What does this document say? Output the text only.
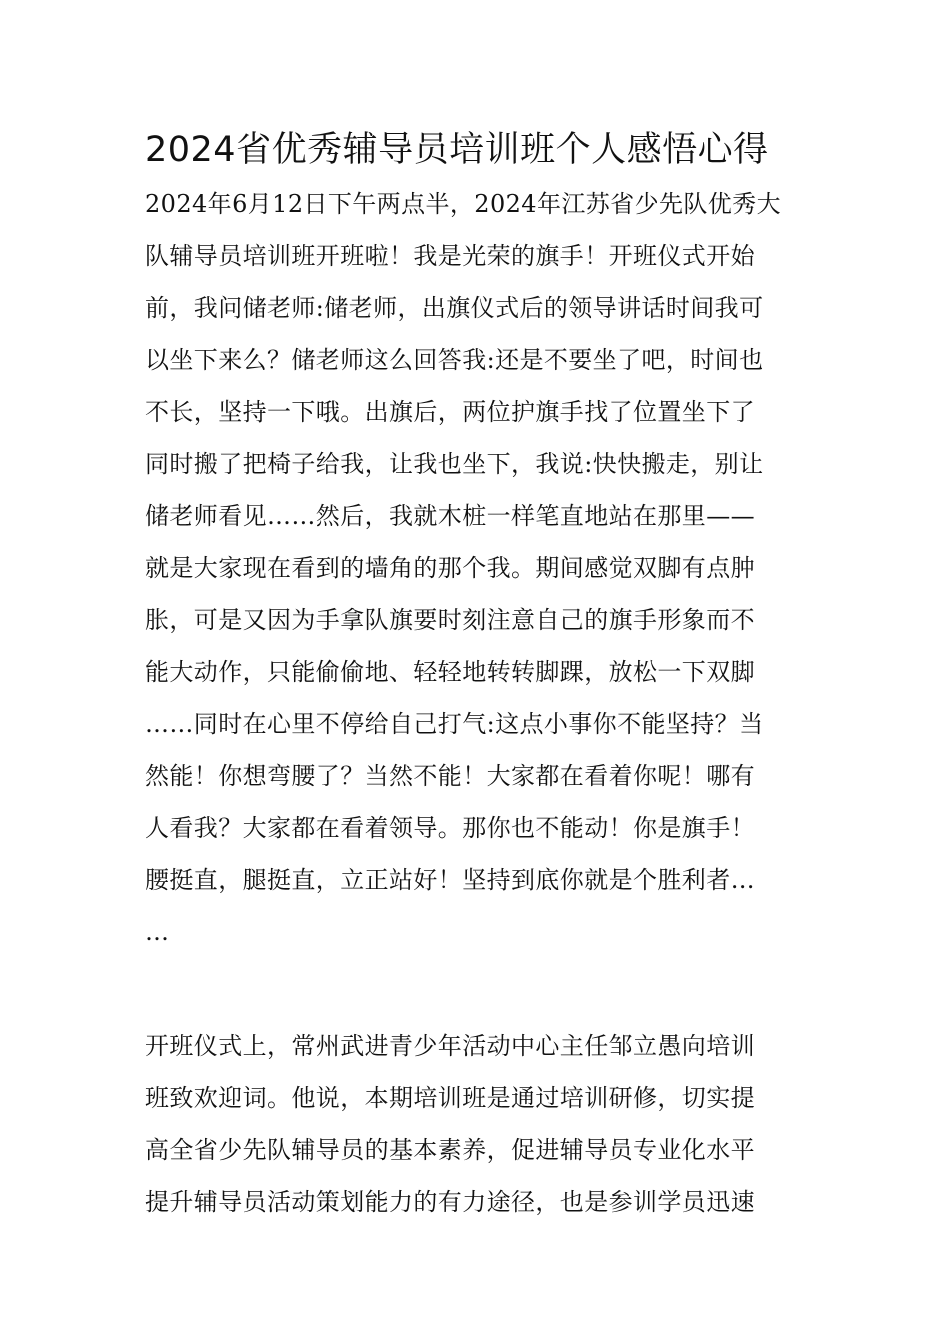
2024省优秀辅导员培训班个人感悟心得
2024年6月12日下午两点半，2024年江苏省少先队优秀大
队辅导员培训班开班啦！我是光荣的旗手！开班仪式开始
前，我问储老师:储老师，出旗仪式后的领导讲话时间我可
以坐下来么？储老师这么回答我:还是不要坐了吧，时间也
不长，坚持一下哦。出旗后，两位护旗手找了位置坐下了
同时搬了把椅子给我，让我也坐下，我说:快快搬走，别让
储老师看见……然后，我就木桩一样笔直地站在那里——
就是大家现在看到的墙角的那个我。期间感觉双脚有点肿
胀，可是又因为手拿队旗要时刻注意自己的旗手形象而不
能大动作，只能偷偷地、轻轻地转转脚踝，放松一下双脚
……同时在心里不停给自己打气:这点小事你不能坚持？当
然能！你想弯腰了？当然不能！大家都在看着你呢！哪有
人看我？大家都在看着领导。那你也不能动！你是旗手！
腰挺直，腿挺直，立正站好！坚持到底你就是个胜利者…
…
开班仪式上，常州武进青少年活动中心主任邹立愚向培训
班致欢迎词。他说，本期培训班是通过培训研修，切实提
高全省少先队辅导员的基本素养，促进辅导员专业化水平
提升辅导员活动策划能力的有力途径，也是参训学员迅速
